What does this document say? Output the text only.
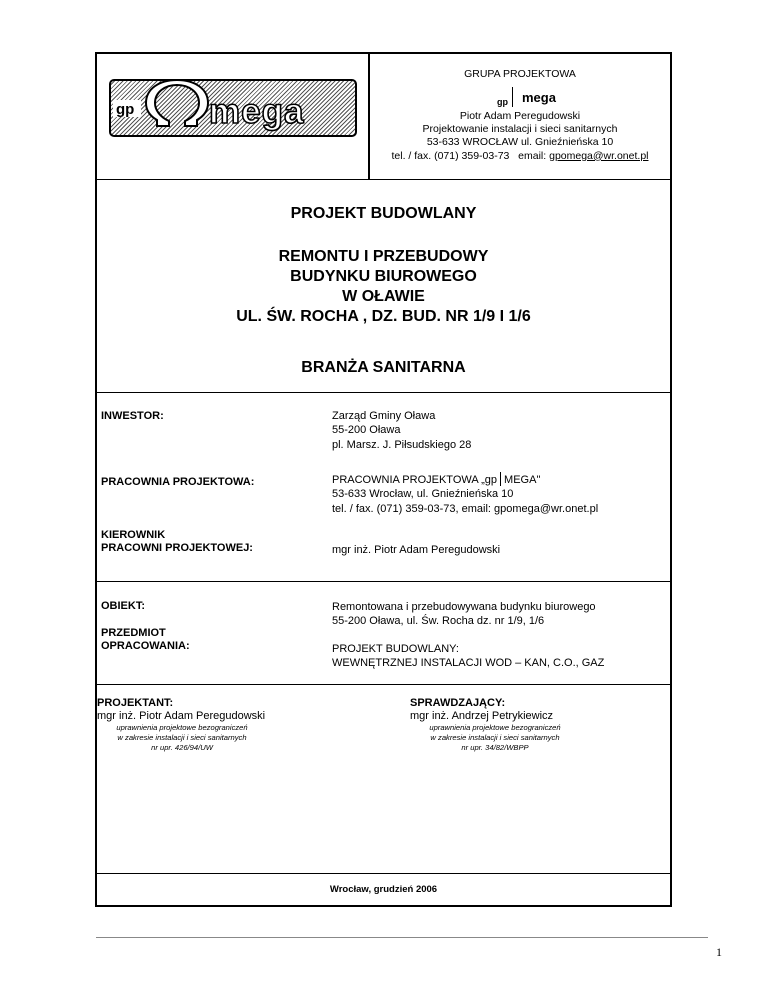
gp mega
GRUPA PROJEKTOWA
gp mega
Piotr Adam Peregudowski
Projektowanie instalacji i sieci sanitarnych
53-633 WROCŁAW ul. Gnieźnieńska 10
tel. / fax. (071) 359-03-73 email: gpomega@wr.onet.pl
PROJEKT BUDOWLANY
REMONTU I PRZEBUDOWY
BUDYNKU BIUROWEGO
W OŁAWIE
UL. ŚW. ROCHA , DZ. BUD. NR 1/9 I 1/6
BRANŻA SANITARNA
INWESTOR:	Zarząd Gminy Oława
55-200 Oława
pl. Marsz. J. Piłsudskiego 28
PRACOWNIA PROJEKTOWA:	PRACOWNIA PROJEKTOWA „gp MEGA"
53-633 Wrocław, ul. Gnieźnieńska 10
tel. / fax. (071) 359-03-73, email: gpomega@wr.onet.pl
KIEROWNIK
PRACOWNI PROJEKTOWEJ:	mgr inż. Piotr Adam Peregudowski
OBIEKT:	Remontowana i przebudowywana budynku biurowego
55-200 Oława, ul. Św. Rocha dz. nr 1/9, 1/6
PRZEDMIOT
OPRACOWANIA:	PROJEKT BUDOWLANY:
WEWNĘTRZNEJ INSTALACJI WOD – KAN, C.O., GAZ
PROJEKTANT:
mgr inż. Piotr Adam Peregudowski
uprawnienia projektowe bezograniczeń
w zakresie instalacji i sieci sanitarnych
nr upr. 426/94/UW
SPRAWDZAJĄCY:
mgr inż. Andrzej Petrykiewicz
uprawnienia projektowe bezograniczeń
w zakresie instalacji i sieci sanitarnych
nr upr. 34/82/WBPP
Wrocław, grudzień 2006
1
